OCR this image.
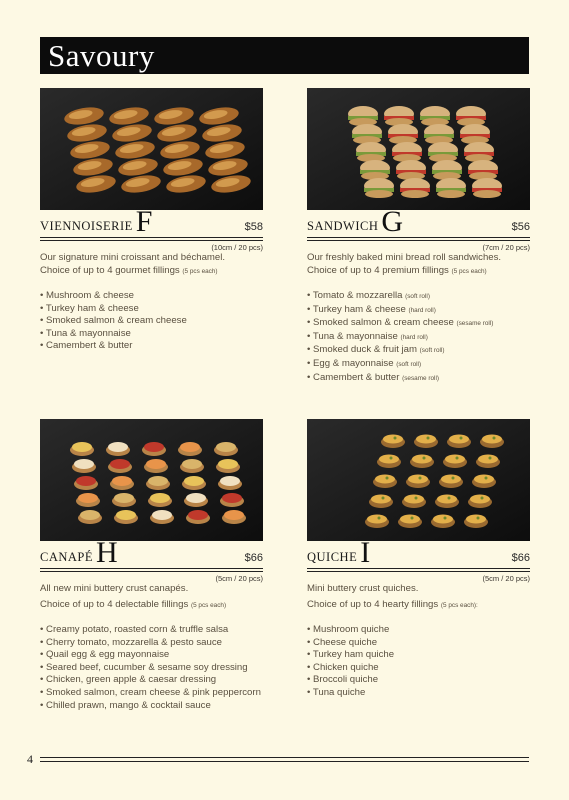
Savoury
VIENNOISERIE F	$58
(10cm / 20 pcs)
Our signature mini croissant and béchamel.
Choice of up to 4 gourmet fillings (5 pcs each)
• Mushroom & cheese
• Turkey ham & cheese
• Smoked salmon & cream cheese
• Tuna & mayonnaise
• Camembert & butter
SANDWICH G	$56
(7cm / 20 pcs)
Our freshly baked mini bread roll sandwiches.
Choice of up to 4 premium fillings (5 pcs each)
• Tomato & mozzarella (soft roll)
• Turkey ham & cheese (hard roll)
• Smoked salmon & cream cheese (sesame roll)
• Tuna & mayonnaise (hard roll)
• Smoked duck & fruit jam (soft roll)
• Egg & mayonnaise (soft roll)
• Camembert & butter (sesame roll)
CANAPÉ H	$66
(5cm / 20 pcs)
All new mini buttery crust canapés.
Choice of up to 4 delectable fillings (5 pcs each)
• Creamy potato, roasted corn & truffle salsa
• Cherry tomato, mozzarella & pesto sauce
• Quail egg & egg mayonnaise
• Seared beef, cucumber & sesame soy dressing
• Chicken, green apple & caesar dressing
• Smoked salmon, cream cheese & pink peppercorn
• Chilled prawn, mango & cocktail sauce
QUICHE I	$66
(5cm / 20 pcs)
Mini buttery crust quiches.
Choice of up to 4 hearty fillings (5 pcs each):
• Mushroom quiche
• Cheese quiche
• Turkey ham quiche
• Chicken quiche
• Broccoli quiche
• Tuna quiche
4
